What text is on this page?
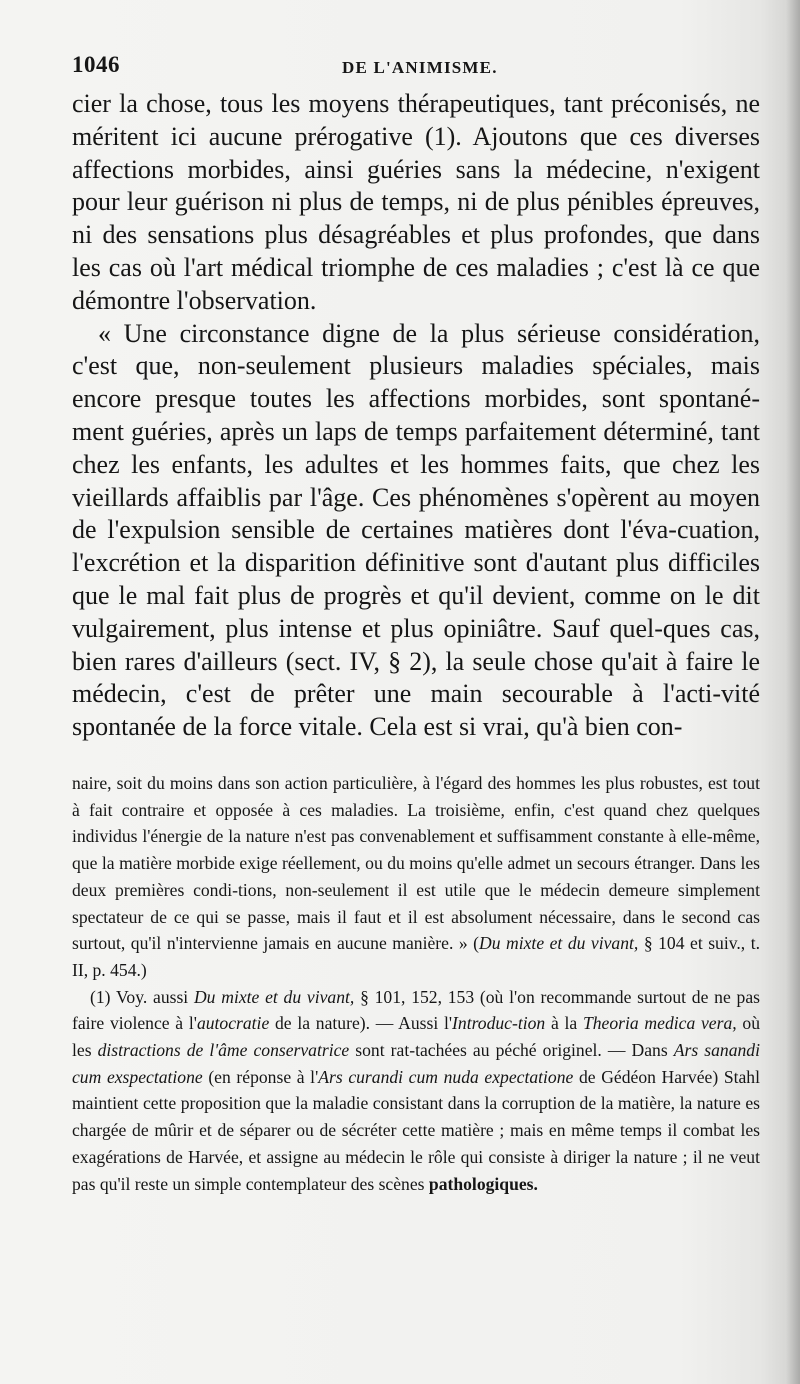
1046	DE L'ANIMISME.

cier la chose, tous les moyens thérapeutiques, tant préconisés, ne méritent ici aucune prérogative (1). Ajoutons que ces diverses affections morbides, ainsi guéries sans la médecine, n'exigent pour leur guérison ni plus de temps, ni de plus pénibles épreuves, ni des sensations plus désagréables et plus profondes, que dans les cas où l'art médical triomphe de ces maladies ; c'est là ce que démontre l'observation.

« Une circonstance digne de la plus sérieuse considération, c'est que, non-seulement plusieurs maladies spéciales, mais encore presque toutes les affections morbides, sont spontané-ment guéries, après un laps de temps parfaitement déterminé, tant chez les enfants, les adultes et les hommes faits, que chez les vieillards affaiblis par l'âge. Ces phénomènes s'opèrent au moyen de l'expulsion sensible de certaines matières dont l'éva-cuation, l'excrétion et la disparition définitive sont d'autant plus difficiles que le mal fait plus de progrès et qu'il devient, comme on le dit vulgairement, plus intense et plus opiniâtre. Sauf quel-ques cas, bien rares d'ailleurs (sect. IV, § 2), la seule chose qu'ait à faire le médecin, c'est de prêter une main secourable à l'acti-vité spontanée de la force vitale. Cela est si vrai, qu'à bien con-

naire, soit du moins dans son action particulière, à l'égard des hommes les plus robustes, est tout à fait contraire et opposée à ces maladies. La troisième, enfin, c'est quand chez quelques individus l'énergie de la nature n'est pas convenablement et suffisamment constante à elle-même, que la matière morbide exige réellement, ou du moins qu'elle admet un secours étranger. Dans les deux premières condi-tions, non-seulement il est utile que le médecin demeure simplement spectateur de ce qui se passe, mais il faut et il est absolument nécessaire, dans le second cas surtout, qu'il n'intervienne jamais en aucune manière. » (Du mixte et du vivant, § 104 et suiv., t. II, p. 454.)

(1) Voy. aussi Du mixte et du vivant, § 101, 152, 153 (où l'on recommande surtout de ne pas faire violence à l'autocratie de la nature). — Aussi l'Introduc-tion à la Theoria medica vera, où les distractions de l'âme conservatrice sont rat-tachées au péché originel. — Dans Ars sanandi cum exspectatione (en réponse à l'Ars curandi cum nuda expectatione de Gédéon Harvée) Stahl maintient cette proposition que la maladie consistant dans la corruption de la matière, la nature es chargée de mûrir et de séparer ou de sécréter cette matière ; mais en même temps il combat les exagérations de Harvée, et assigne au médecin le rôle qui consiste à diriger la nature ; il ne veut pas qu'il reste un simple contemplateur des scènes pathologiques.
